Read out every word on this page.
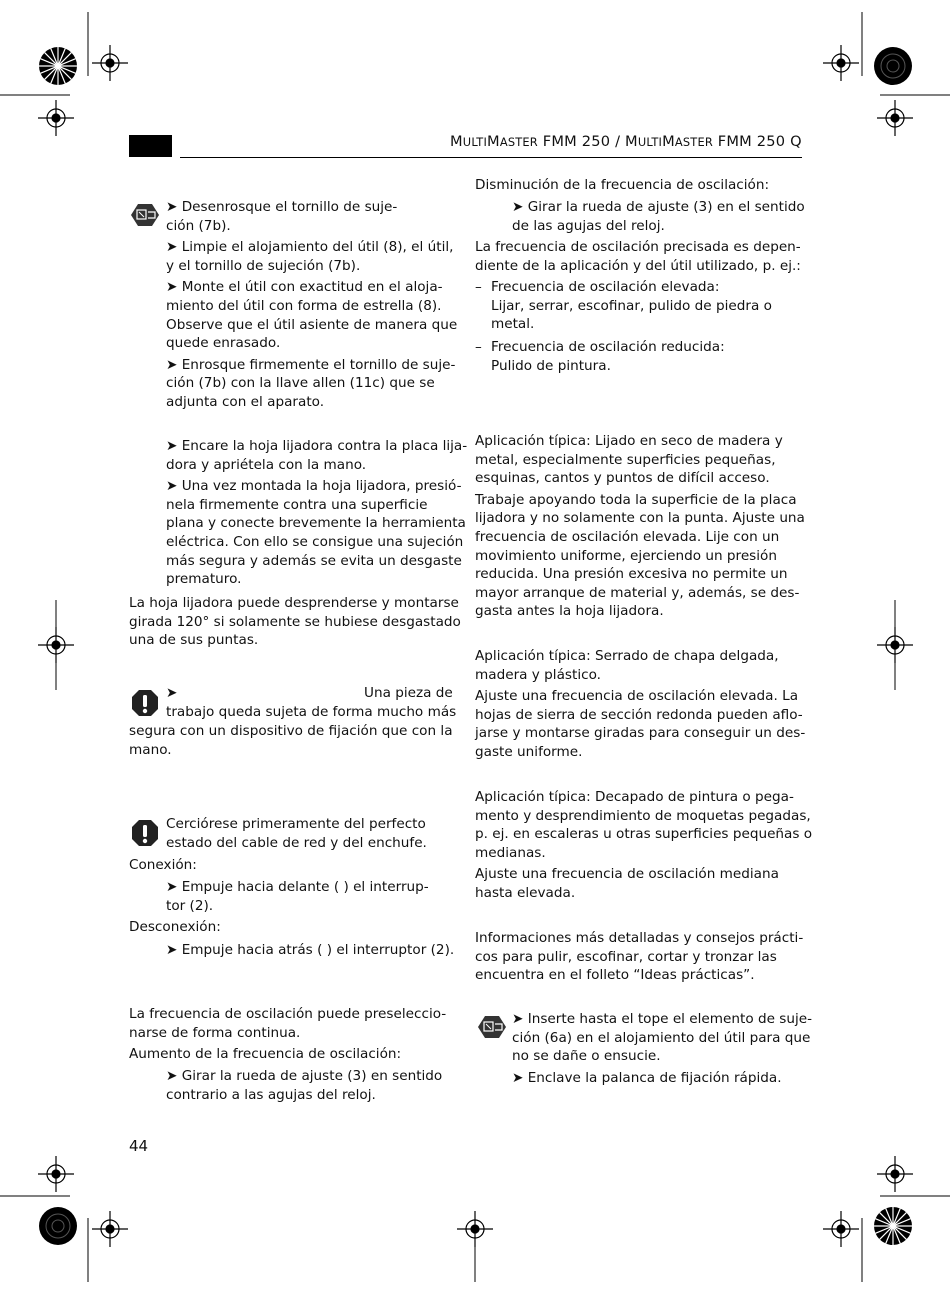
MULTIMASTER FMM 250 / MULTIMASTER FMM 250 Q
➤ Desenrosque el tornillo de suje-
ción (7b).
➤ Limpie el alojamiento del útil (8), el útil,
y el tornillo de sujeción (7b).
➤ Monte el útil con exactitud en el aloja-
miento del útil con forma de estrella (8).
Observe que el útil asiente de manera que
quede enrasado.
➤ Enrosque firmemente el tornillo de suje-
ción (7b) con la llave allen (11c) que se
adjunta con el aparato.
➤ Encare la hoja lijadora contra la placa lija-
dora y apriétela con la mano.
➤ Una vez montada la hoja lijadora, presió-
nela firmemente contra una superficie
plana y conecte brevemente la herramienta
eléctrica. Con ello se consigue una sujeción
más segura y además se evita un desgaste
prematuro.
La hoja lijadora puede desprenderse y montarse
girada 120° si solamente se hubiese desgastado
una de sus puntas.
➤	Una pieza de
trabajo queda sujeta de forma mucho más
segura con un dispositivo de fijación que con la
mano.
Cerciórese primeramente del perfecto
estado del cable de red y del enchufe.
Conexión:
➤ Empuje hacia delante ( ) el interrup-
tor (2).
Desconexión:
➤ Empuje hacia atrás ( ) el interruptor (2).
La frecuencia de oscilación puede preseleccio-
narse de forma continua.
Aumento de la frecuencia de oscilación:
➤ Girar la rueda de ajuste (3) en sentido
contrario a las agujas del reloj.
44
Disminución de la frecuencia de oscilación:
➤ Girar la rueda de ajuste (3) en el sentido
de las agujas del reloj.
La frecuencia de oscilación precisada es depen-
diente de la aplicación y del útil utilizado, p. ej.:
– Frecuencia de oscilación elevada:
Lijar, serrar, escofinar, pulido de piedra o
metal.
– Frecuencia de oscilación reducida:
Pulido de pintura.
Aplicación típica: Lijado en seco de madera y
metal, especialmente superficies pequeñas,
esquinas, cantos y puntos de difícil acceso.
Trabaje apoyando toda la superficie de la placa
lijadora y no solamente con la punta. Ajuste una
frecuencia de oscilación elevada. Lije con un
movimiento uniforme, ejerciendo un presión
reducida. Una presión excesiva no permite un
mayor arranque de material y, además, se des-
gasta antes la hoja lijadora.
Aplicación típica: Serrado de chapa delgada,
madera y plástico.
Ajuste una frecuencia de oscilación elevada. La
hojas de sierra de sección redonda pueden aflo-
jarse y montarse giradas para conseguir un des-
gaste uniforme.
Aplicación típica: Decapado de pintura o pega-
mento y desprendimiento de moquetas pegadas,
p. ej. en escaleras u otras superficies pequeñas o
medianas.
Ajuste una frecuencia de oscilación mediana
hasta elevada.
Informaciones más detalladas y consejos prácti-
cos para pulir, escofinar, cortar y tronzar las
encuentra en el folleto “Ideas prácticas”.
➤ Inserte hasta el tope el elemento de suje-
ción (6a) en el alojamiento del útil para que
no se dañe o ensucie.
➤ Enclave la palanca de fijación rápida.
